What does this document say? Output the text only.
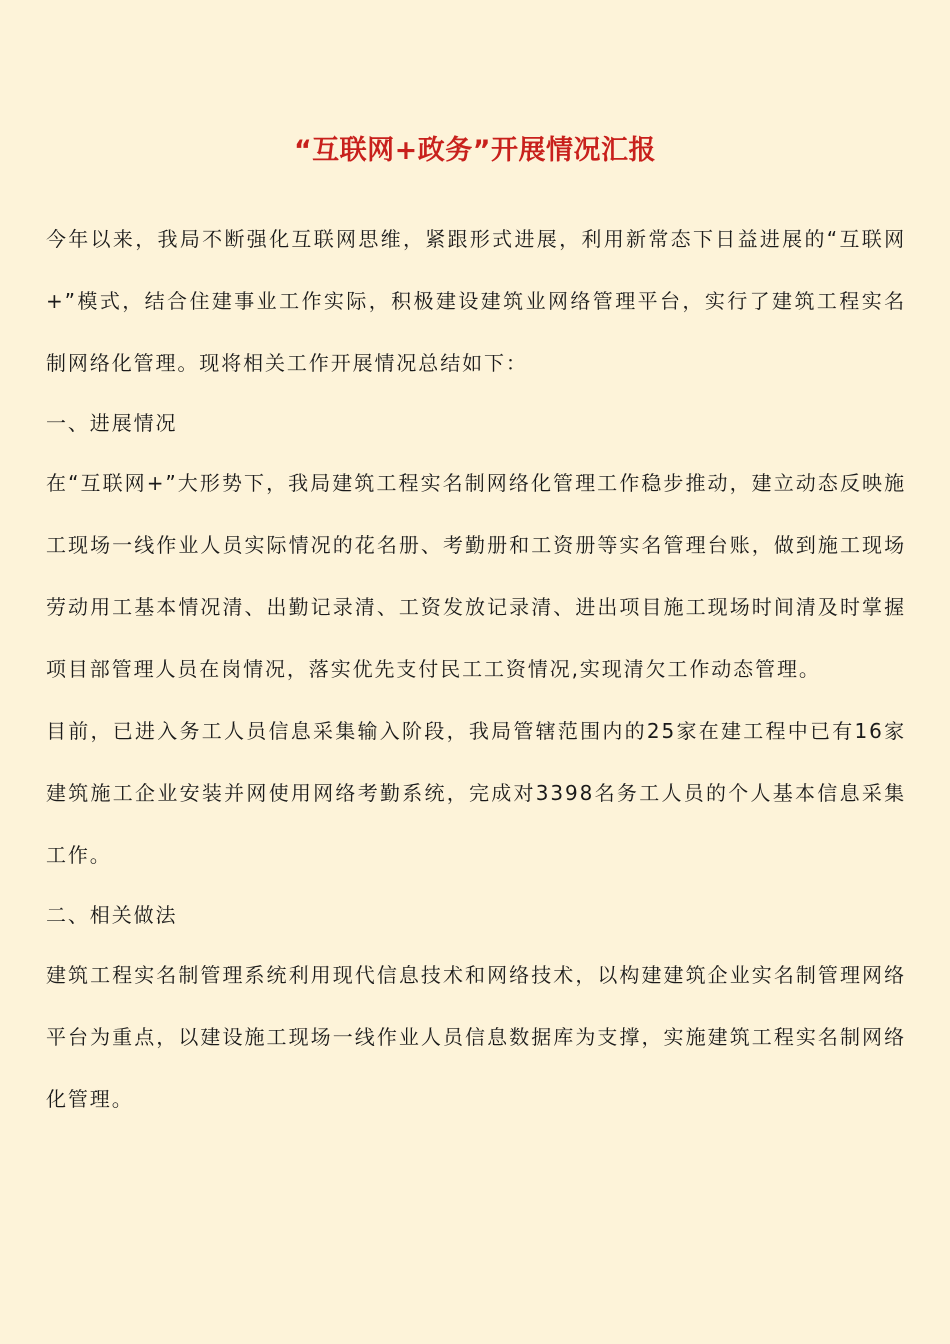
“互联网+政务”开展情况汇报

今年以来，我局不断强化互联网思维，紧跟形式进展，利用新常态下日益进展的“互联网+”模式，结合住建事业工作实际，积极建设建筑业网络管理平台，实行了建筑工程实名制网络化管理。现将相关工作开展情况总结如下：

一、进展情况

在“互联网+”大形势下，我局建筑工程实名制网络化管理工作稳步推动，建立动态反映施工现场一线作业人员实际情况的花名册、考勤册和工资册等实名管理台账，做到施工现场劳动用工基本情况清、出勤记录清、工资发放记录清、进出项目施工现场时间清及时掌握项目部管理人员在岗情况，落实优先支付民工工资情况,实现清欠工作动态管理。

目前，已进入务工人员信息采集输入阶段，我局管辖范围内的25家在建工程中已有16家建筑施工企业安装并网使用网络考勤系统，完成对3398名务工人员的个人基本信息采集工作。

二、相关做法

建筑工程实名制管理系统利用现代信息技术和网络技术，以构建建筑企业实名制管理网络平台为重点，以建设施工现场一线作业人员信息数据库为支撑，实施建筑工程实名制网络化管理。
